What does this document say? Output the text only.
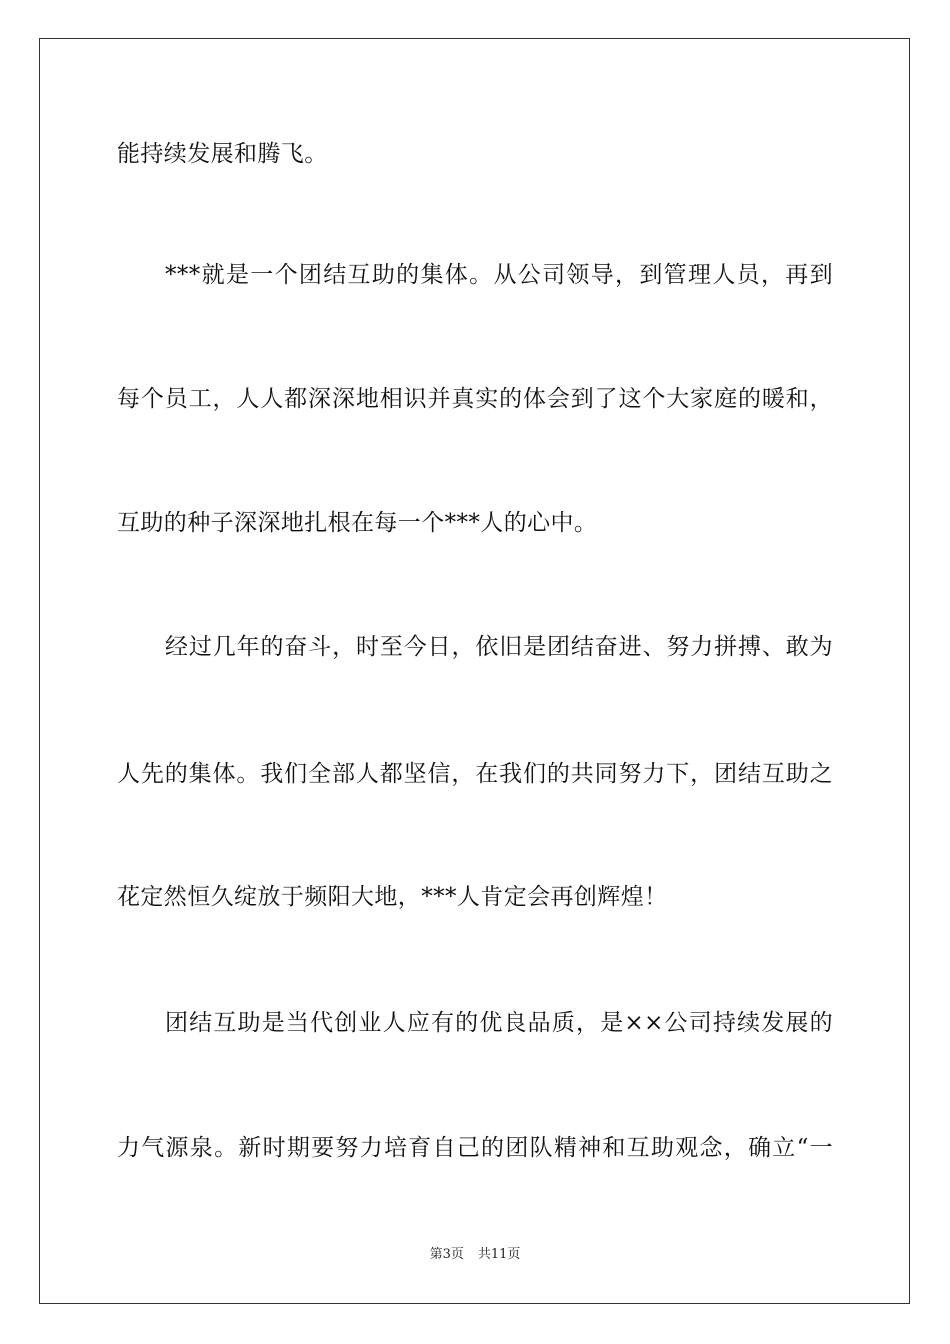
能持续发展和腾飞。
***就是一个团结互助的集体。从公司领导，到管理人员，再到
每个员工，人人都深深地相识并真实的体会到了这个大家庭的暖和，
互助的种子深深地扎根在每一个***人的心中。
经过几年的奋斗，时至今日，依旧是团结奋进、努力拼搏、敢为
人先的集体。我们全部人都坚信，在我们的共同努力下，团结互助之
花定然恒久绽放于频阳大地，***人肯定会再创辉煌！
团结互助是当代创业人应有的优良品质，是××公司持续发展的
力气源泉。新时期要努力培育自己的团队精神和互助观念，确立“一
第3页 共11页
